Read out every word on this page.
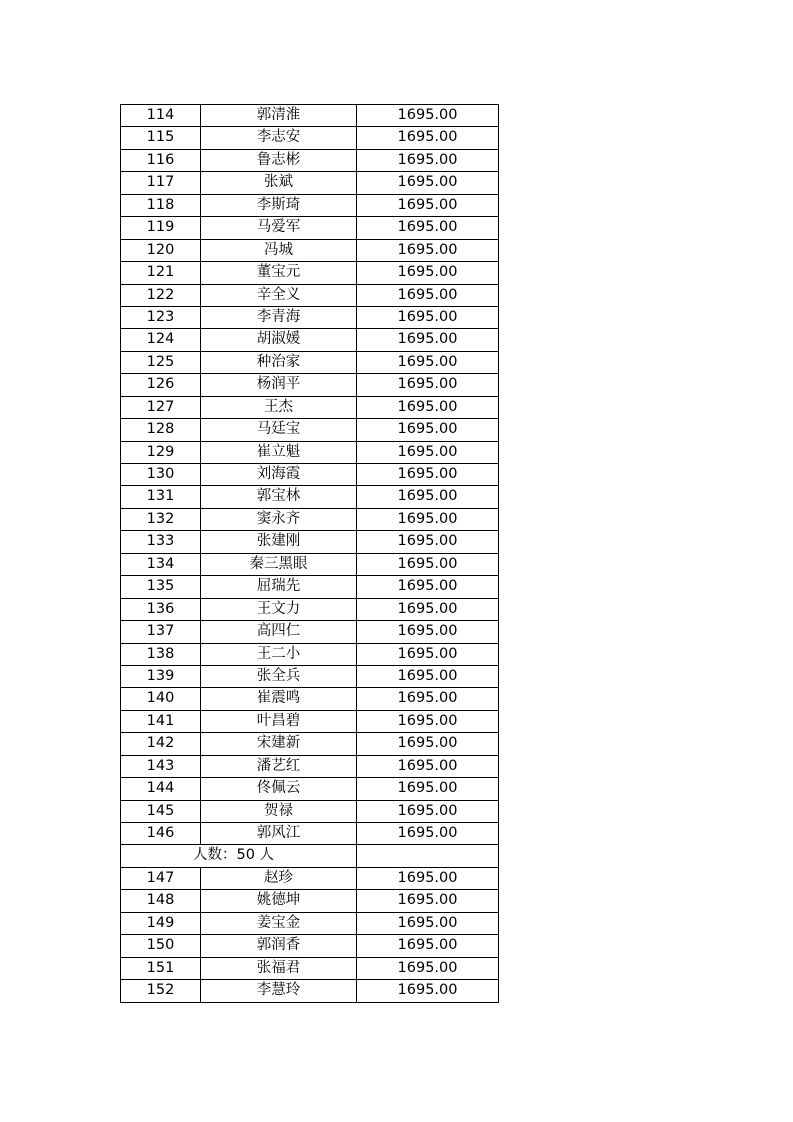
114	郭清淮	1695.00
115	李志安	1695.00
116	鲁志彬	1695.00
117	张斌	1695.00
118	李斯琦	1695.00
119	马爱军	1695.00
120	冯城	1695.00
121	董宝元	1695.00
122	辛全义	1695.00
123	李青海	1695.00
124	胡淑媛	1695.00
125	种治家	1695.00
126	杨润平	1695.00
127	王杰	1695.00
128	马廷宝	1695.00
129	崔立魁	1695.00
130	刘海霞	1695.00
131	郭宝林	1695.00
132	窦永齐	1695.00
133	张建刚	1695.00
134	秦三黑眼	1695.00
135	屈瑞先	1695.00
136	王文力	1695.00
137	高四仁	1695.00
138	王二小	1695.00
139	张全兵	1695.00
140	崔震鸣	1695.00
141	叶昌碧	1695.00
142	宋建新	1695.00
143	潘艺红	1695.00
144	佟佩云	1695.00
145	贺禄	1695.00
146	郭风江	1695.00
人数：50 人
147	赵珍	1695.00
148	姚德坤	1695.00
149	姜宝金	1695.00
150	郭润香	1695.00
151	张福君	1695.00
152	李慧玲	1695.00
